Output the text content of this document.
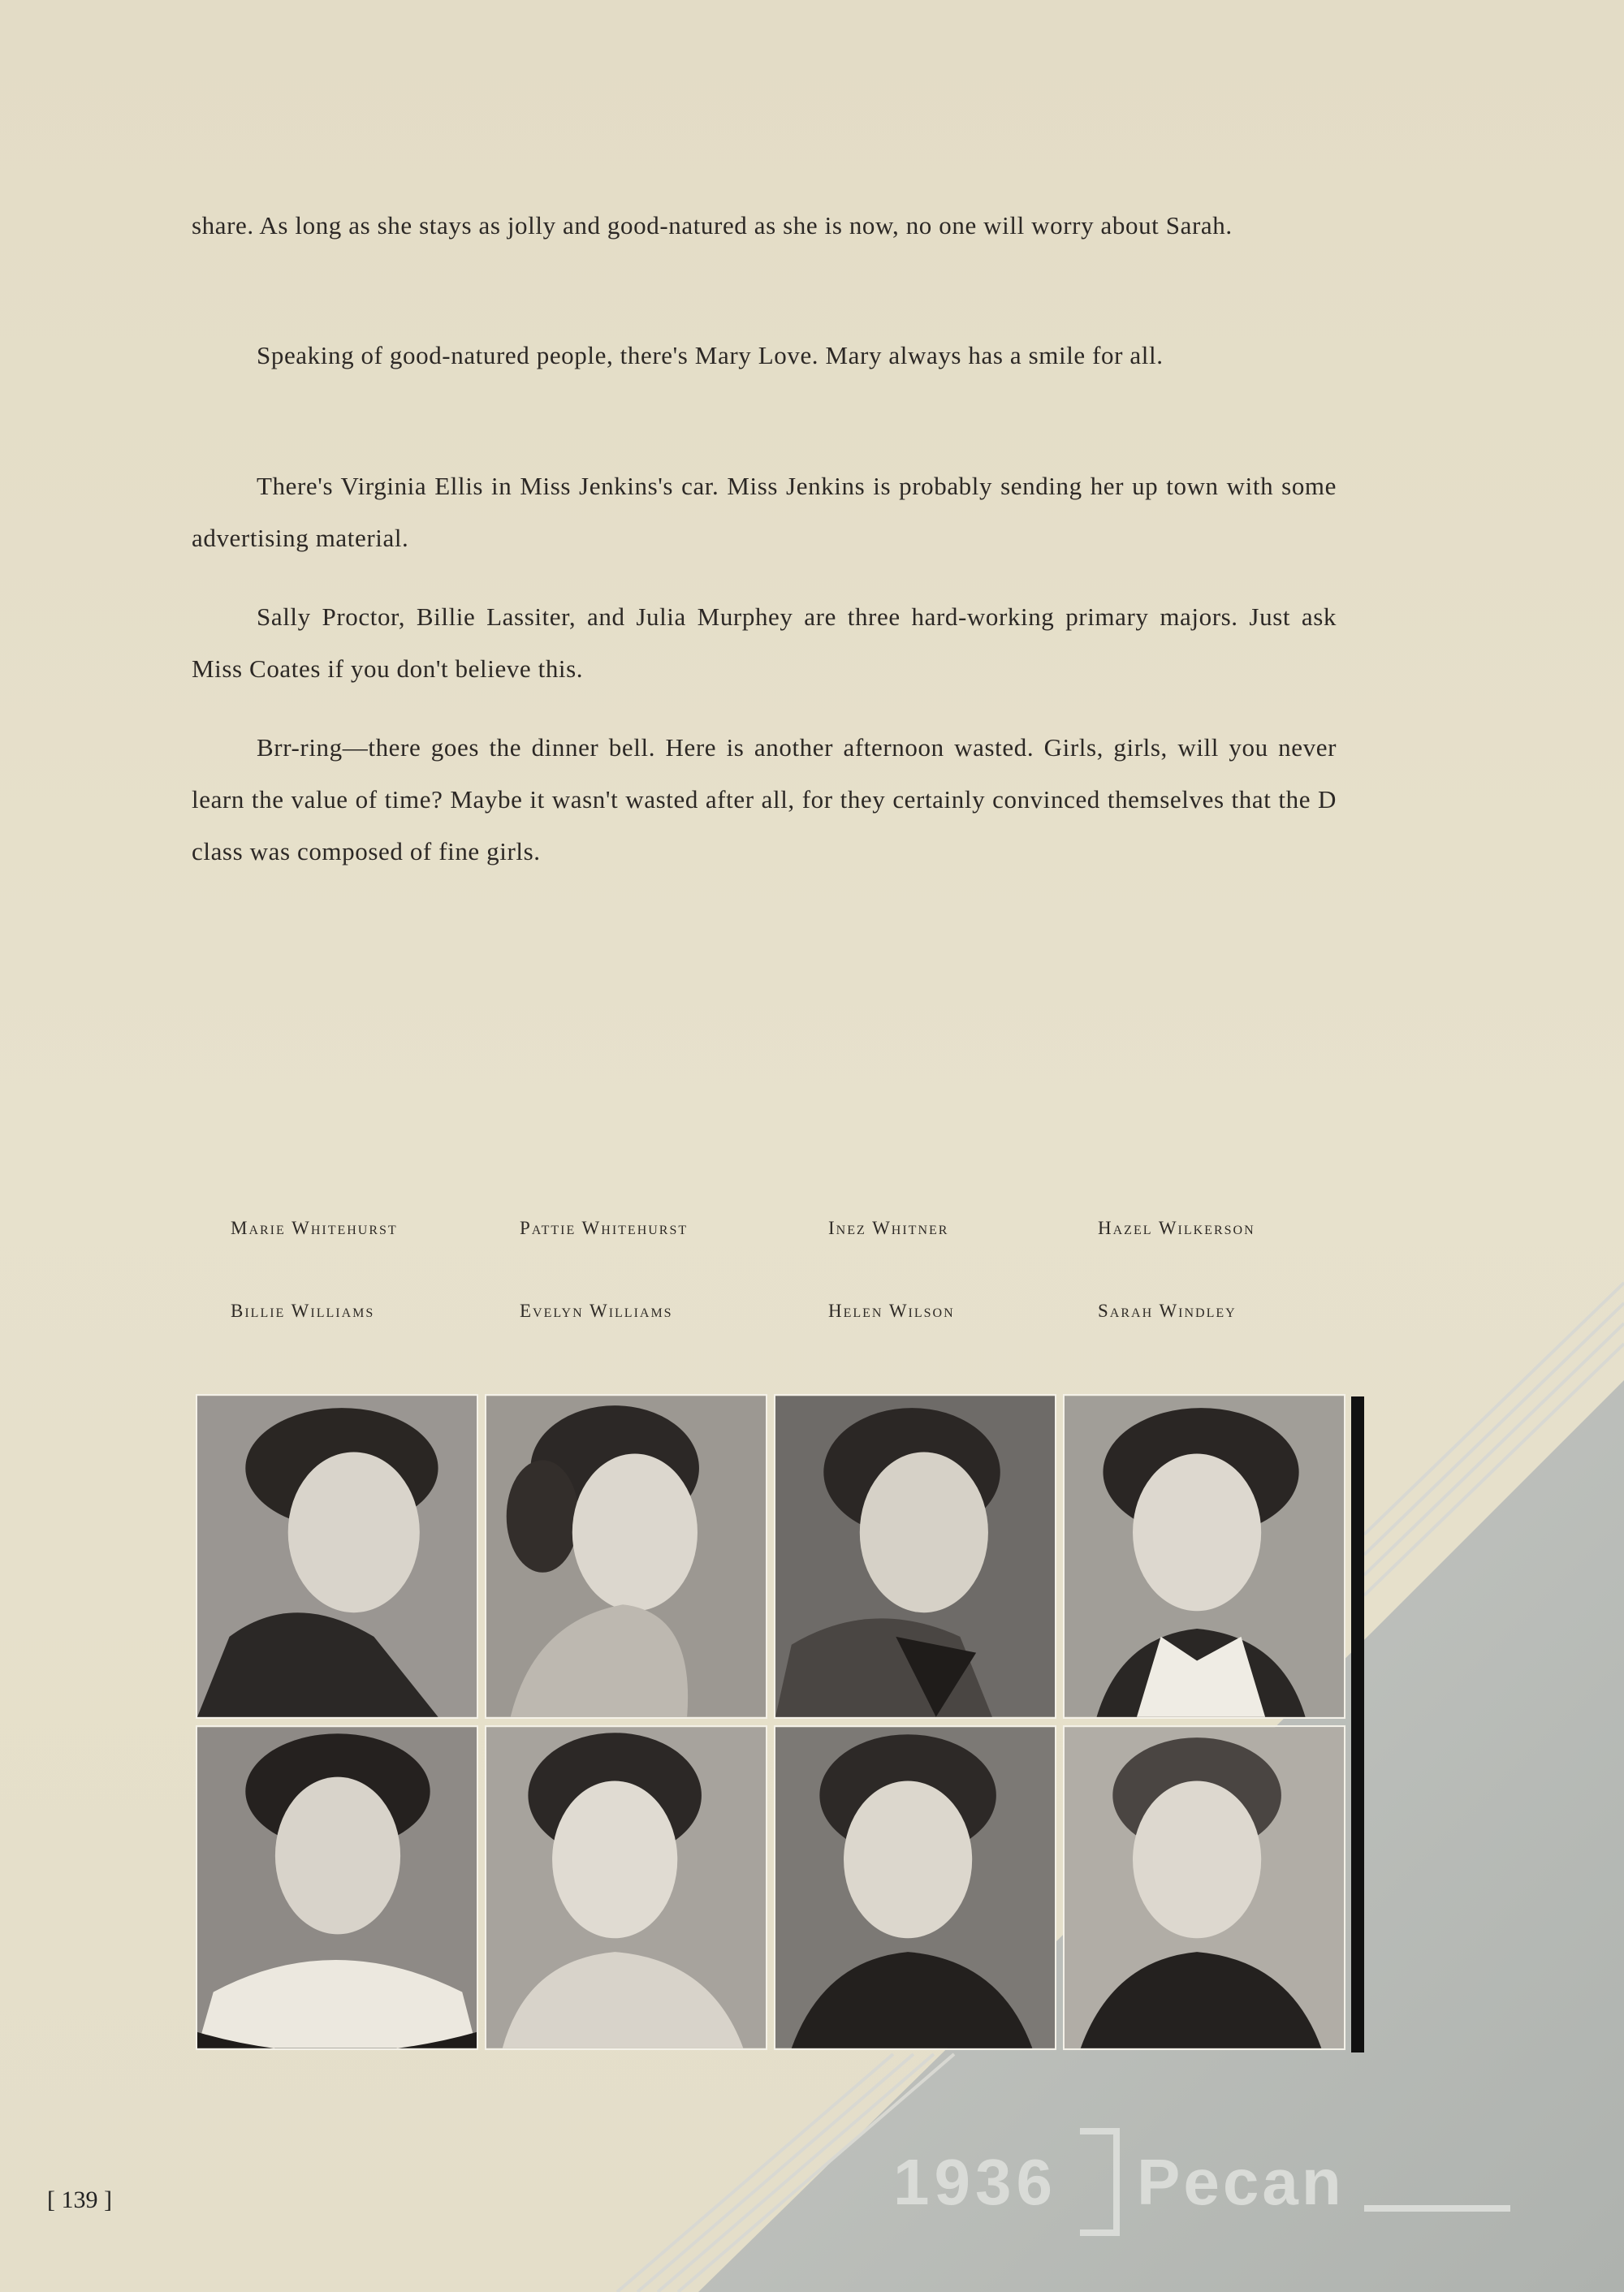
share. As long as she stays as jolly and good-natured as she is now, no one will worry about Sarah.

Speaking of good-natured people, there's Mary Love. Mary always has a smile for all.

There's Virginia Ellis in Miss Jenkins's car. Miss Jenkins is probably sending her up town with some advertising material.

Sally Proctor, Billie Lassiter, and Julia Murphey are three hard-working primary majors. Just ask Miss Coates if you don't believe this.

Brr-ring—there goes the dinner bell. Here is another afternoon wasted. Girls, girls, will you never learn the value of time? Maybe it wasn't wasted after all, for they certainly convinced themselves that the D class was composed of fine girls.

Marie Whitehurst	Pattie Whitehurst	Inez Whitner	Hazel Wilkerson
Billie Williams	Evelyn Williams	Helen Wilson	Sarah Windley
[ 139 ]	1936 Pecan
